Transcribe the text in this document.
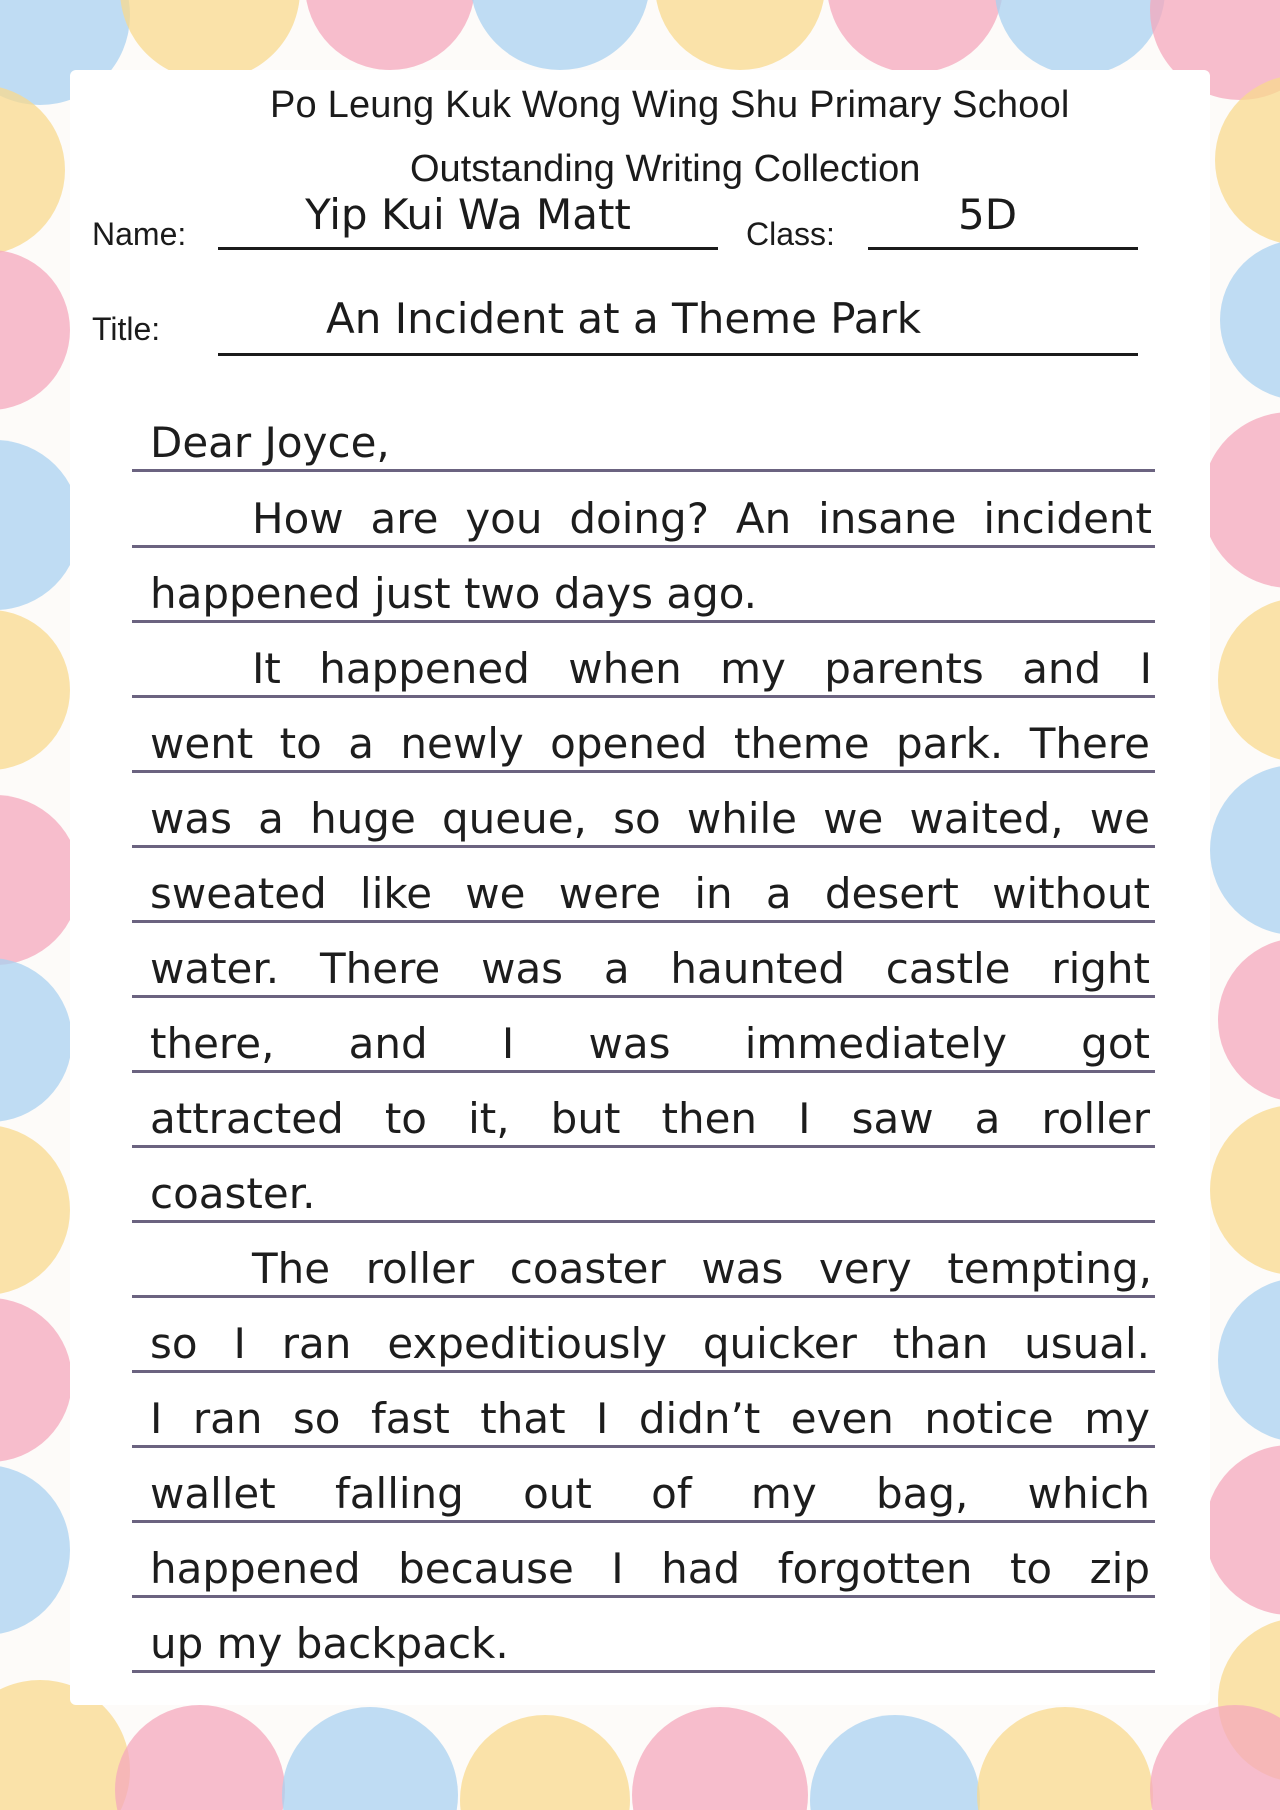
Po Leung Kuk Wong Wing Shu Primary School
Outstanding Writing Collection
Name:	Yip Kui Wa Matt	Class:	5D
Title:	An Incident at a Theme Park
Dear Joyce,
How are you doing? An insane incident
happened just two days ago.
It happened when my parents and I
went to a newly opened theme park. There
was a huge queue, so while we waited, we
sweated like we were in a desert without
water. There was a haunted castle right
there, and I was immediately got
attracted to it, but then I saw a roller
coaster.
The roller coaster was very tempting,
so I ran expeditiously quicker than usual.
I ran so fast that I didn’t even notice my
wallet falling out of my bag, which
happened because I had forgotten to zip
up my backpack.
